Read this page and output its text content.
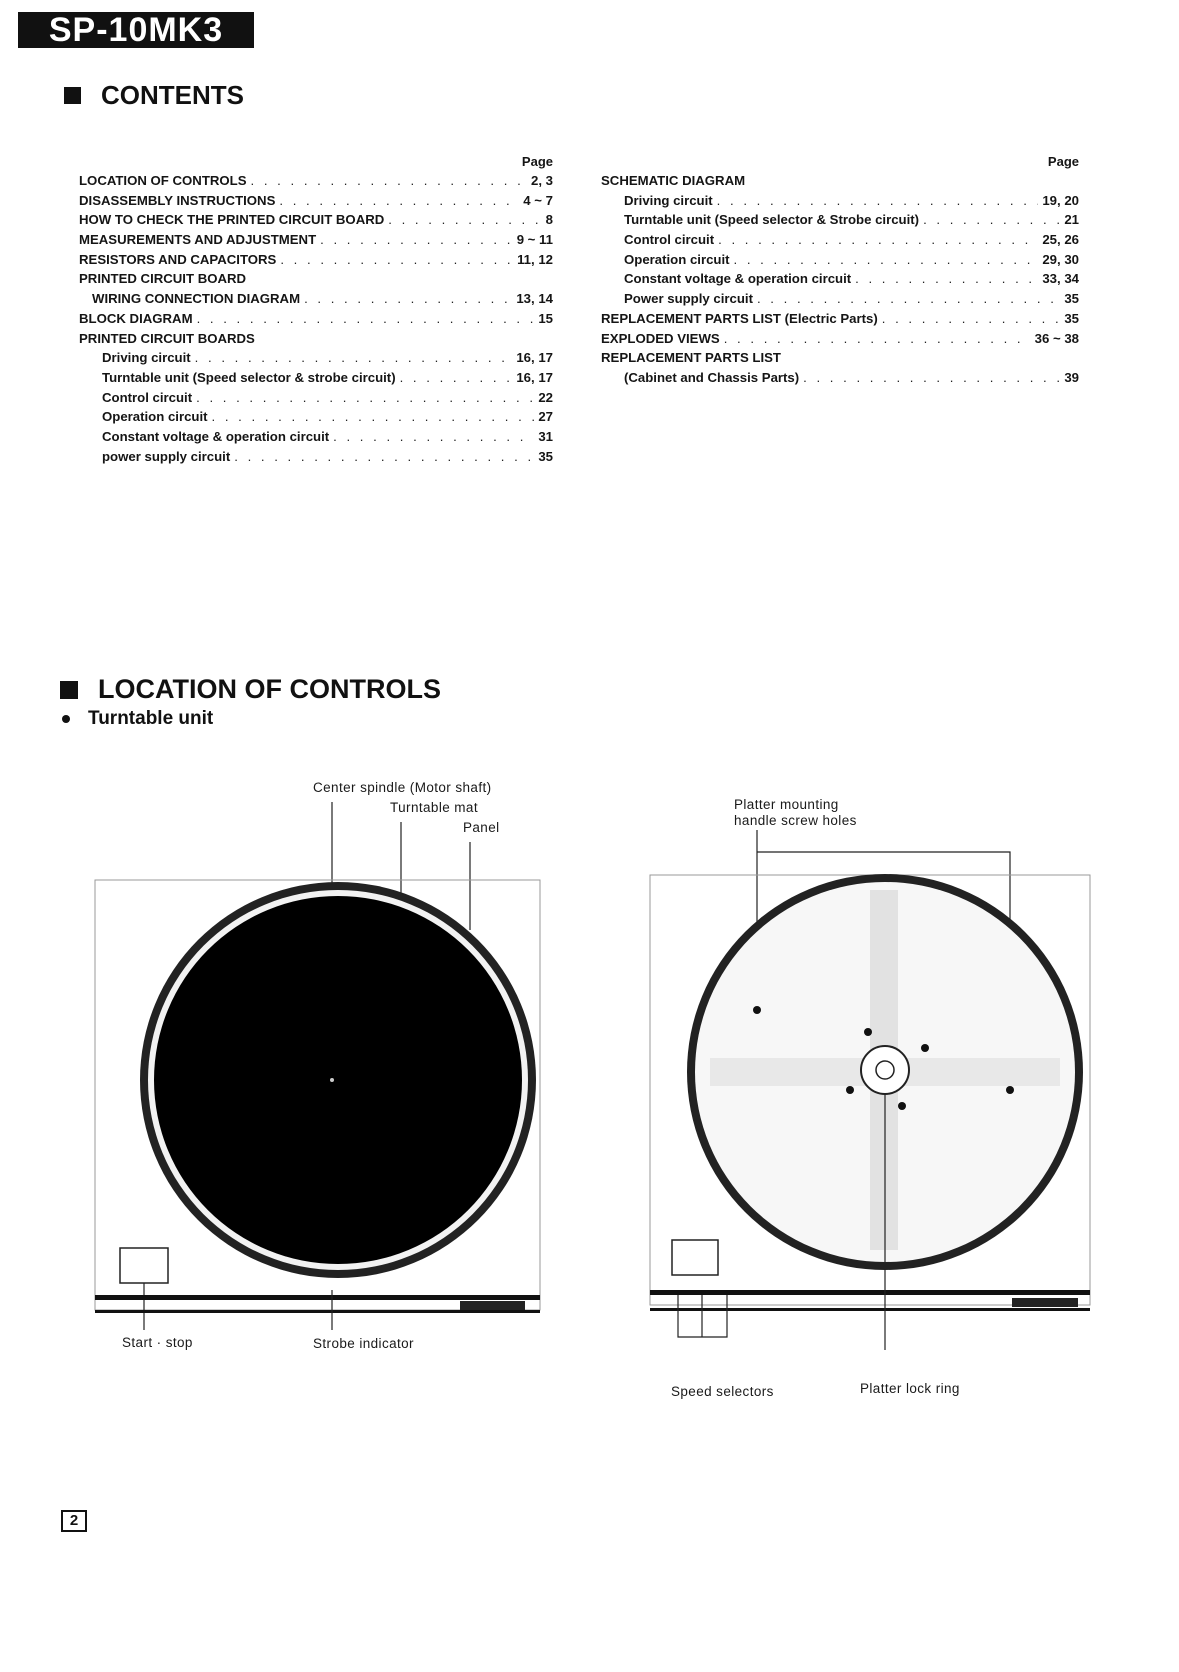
SP-10MK3
CONTENTS
Page
LOCATION OF CONTROLS . . .	2, 3
DISASSEMBLY INSTRUCTIONS . . .	4 ~ 7
HOW TO CHECK THE PRINTED CIRCUIT BOARD . . .	8
MEASUREMENTS AND ADJUSTMENT . . .	9 ~ 11
RESISTORS AND CAPACITORS . . .	11, 12
PRINTED CIRCUIT BOARD
WIRING CONNECTION DIAGRAM . . .	13, 14
BLOCK DIAGRAM . . .	15
PRINTED CIRCUIT BOARDS
Driving circuit . . .	16, 17
Turntable unit (Speed selector & strobe circuit) . . .	16, 17
Control circuit . . .	22
Operation circuit . . .	27
Constant voltage & operation circuit . . .	31
power supply circuit . . .	35
Page
SCHEMATIC DIAGRAM
Driving circuit . . .	19, 20
Turntable unit (Speed selector & Strobe circuit) . . .	21
Control circuit . . .	25, 26
Operation circuit . . .	29, 30
Constant voltage & operation circuit . . .	33, 34
Power supply circuit . . .	35
REPLACEMENT PARTS LIST (Electric Parts) . . .	35
EXPLODED VIEWS . . .	36 ~ 38
REPLACEMENT PARTS LIST
(Cabinet and Chassis Parts) . . .	39
LOCATION OF CONTROLS
Turntable unit
Center spindle (Motor shaft)
Turntable mat
Panel
Start · stop	Strobe indicator
Platter mounting
handle screw holes
Speed selectors	Platter lock ring
2
